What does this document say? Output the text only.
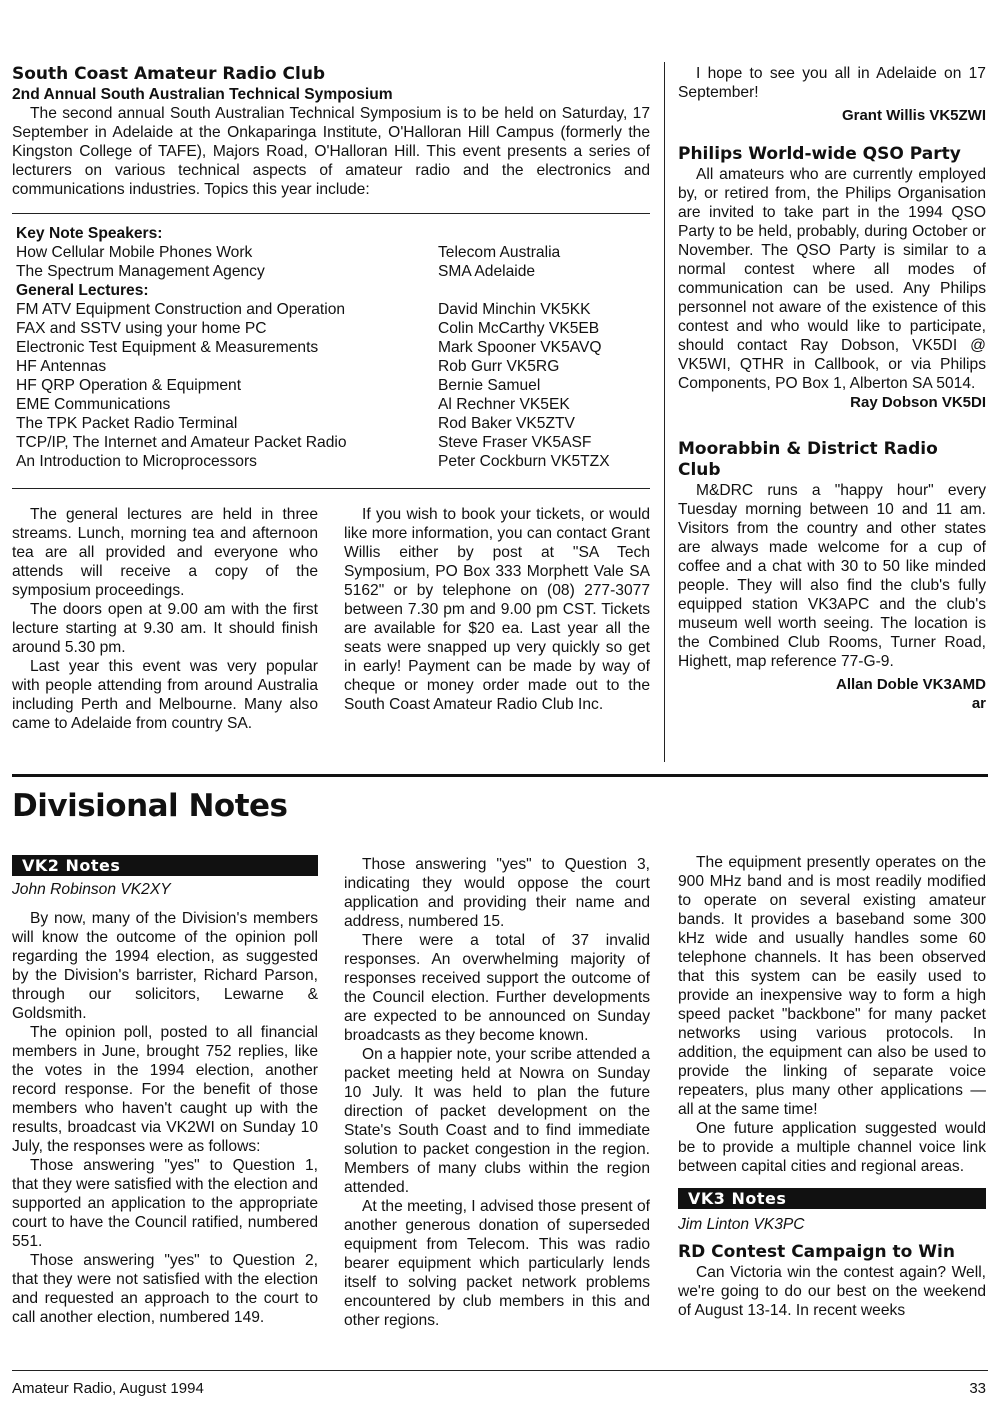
South Coast Amateur Radio Club

2nd Annual South Australian Technical Symposium

The second annual South Australian Technical Symposium is to be held on Saturday, 17 September in Adelaide at the Onkaparinga Institute, O'Halloran Hill Campus (formerly the Kingston College of TAFE), Majors Road, O'Halloran Hill. This event presents a series of lecturers on various technical aspects of amateur radio and the electronics and communications industries. Topics this year include:

Key Note Speakers:
How Cellular Mobile Phones Work	Telecom Australia
The Spectrum Management Agency	SMA Adelaide
General Lectures:
FM ATV Equipment Construction and Operation	David Minchin VK5KK
FAX and SSTV using your home PC	Colin McCarthy VK5EB
Electronic Test Equipment & Measurements	Mark Spooner VK5AVQ
HF Antennas	Rob Gurr VK5RG
HF QRP Operation & Equipment	Bernie Samuel
EME Communications	Al Rechner VK5EK
The TPK Packet Radio Terminal	Rod Baker VK5ZTV
TCP/IP, The Internet and Amateur Packet Radio	Steve Fraser VK5ASF
An Introduction to Microprocessors	Peter Cockburn VK5TZX

The general lectures are held in three streams. Lunch, morning tea and afternoon tea are all provided and everyone who attends will receive a copy of the symposium proceedings.

The doors open at 9.00 am with the first lecture starting at 9.30 am. It should finish around 5.30 pm.

Last year this event was very popular with people attending from around Australia including Perth and Melbourne. Many also came to Adelaide from country SA.

If you wish to book your tickets, or would like more information, you can contact Grant Willis either by post at "SA Tech Symposium, PO Box 333 Morphett Vale SA 5162" or by telephone on (08) 277-3077 between 7.30 pm and 9.00 pm CST. Tickets are available for $20 ea. Last year all the seats were snapped up very quickly so get in early! Payment can be made by way of cheque or money order made out to the South Coast Amateur Radio Club Inc.

I hope to see you all in Adelaide on 17 September!

Grant Willis VK5ZWI

Philips World-wide QSO Party

All amateurs who are currently employed by, or retired from, the Philips Organisation are invited to take part in the 1994 QSO Party to be held, probably, during October or November. The QSO Party is similar to a normal contest where all modes of communication can be used. Any Philips personnel not aware of the existence of this contest and who would like to participate, should contact Ray Dobson, VK5DI @ VK5WI, QTHR in Callbook, or via Philips Components, PO Box 1, Alberton SA 5014.

Ray Dobson VK5DI

Moorabbin & District Radio Club

M&DRC runs a "happy hour" every Tuesday morning between 10 and 11 am. Visitors from the country and other states are always made welcome for a cup of coffee and a chat with 30 to 50 like minded people. They will also find the club's fully equipped station VK3APC and the club's museum well worth seeing. The location is the Combined Club Rooms, Turner Road, Highett, map reference 77-G-9.

Allan Doble VK3AMD

ar

Divisional Notes
VK2 Notes

John Robinson VK2XY

By now, many of the Division's members will know the outcome of the opinion poll regarding the 1994 election, as suggested by the Division's barrister, Richard Parson, through our solicitors, Lewarne & Goldsmith.

The opinion poll, posted to all financial members in June, brought 752 replies, like the votes in the 1994 election, another record response. For the benefit of those members who haven't caught up with the results, broadcast via VK2WI on Sunday 10 July, the responses were as follows:

Those answering "yes" to Question 1, that they were satisfied with the election and supported an application to the appropriate court to have the Council ratified, numbered 551.

Those answering "yes" to Question 2, that they were not satisfied with the election and requested an approach to the court to call another election, numbered 149.

Those answering "yes" to Question 3, indicating they would oppose the court application and providing their name and address, numbered 15.

There were a total of 37 invalid responses. An overwhelming majority of responses received support the outcome of the Council election. Further developments are expected to be announced on Sunday broadcasts as they become known.

On a happier note, your scribe attended a packet meeting held at Nowra on Sunday 10 July. It was held to plan the future direction of packet development on the State's South Coast and to find immediate solution to packet congestion in the region. Members of many clubs within the region attended.

At the meeting, I advised those present of another generous donation of superseded equipment from Telecom. This was radio bearer equipment which particularly lends itself to solving packet network problems encountered by club members in this and other regions.

The equipment presently operates on the 900 MHz band and is most readily modified to operate on several existing amateur bands. It provides a baseband some 300 kHz wide and usually handles some 60 telephone channels. It has been observed that this system can be easily used to provide an inexpensive way to form a high speed packet "backbone" for many packet networks using various protocols. In addition, the equipment can also be used to provide the linking of separate voice repeaters, plus many other applications — all at the same time!

One future application suggested would be to provide a multiple channel voice link between capital cities and regional areas.

VK3 Notes

Jim Linton VK3PC

RD Contest Campaign to Win

Can Victoria win the contest again? Well, we're going to do our best on the weekend of August 13-14. In recent weeks

Amateur Radio, August 1994	33
